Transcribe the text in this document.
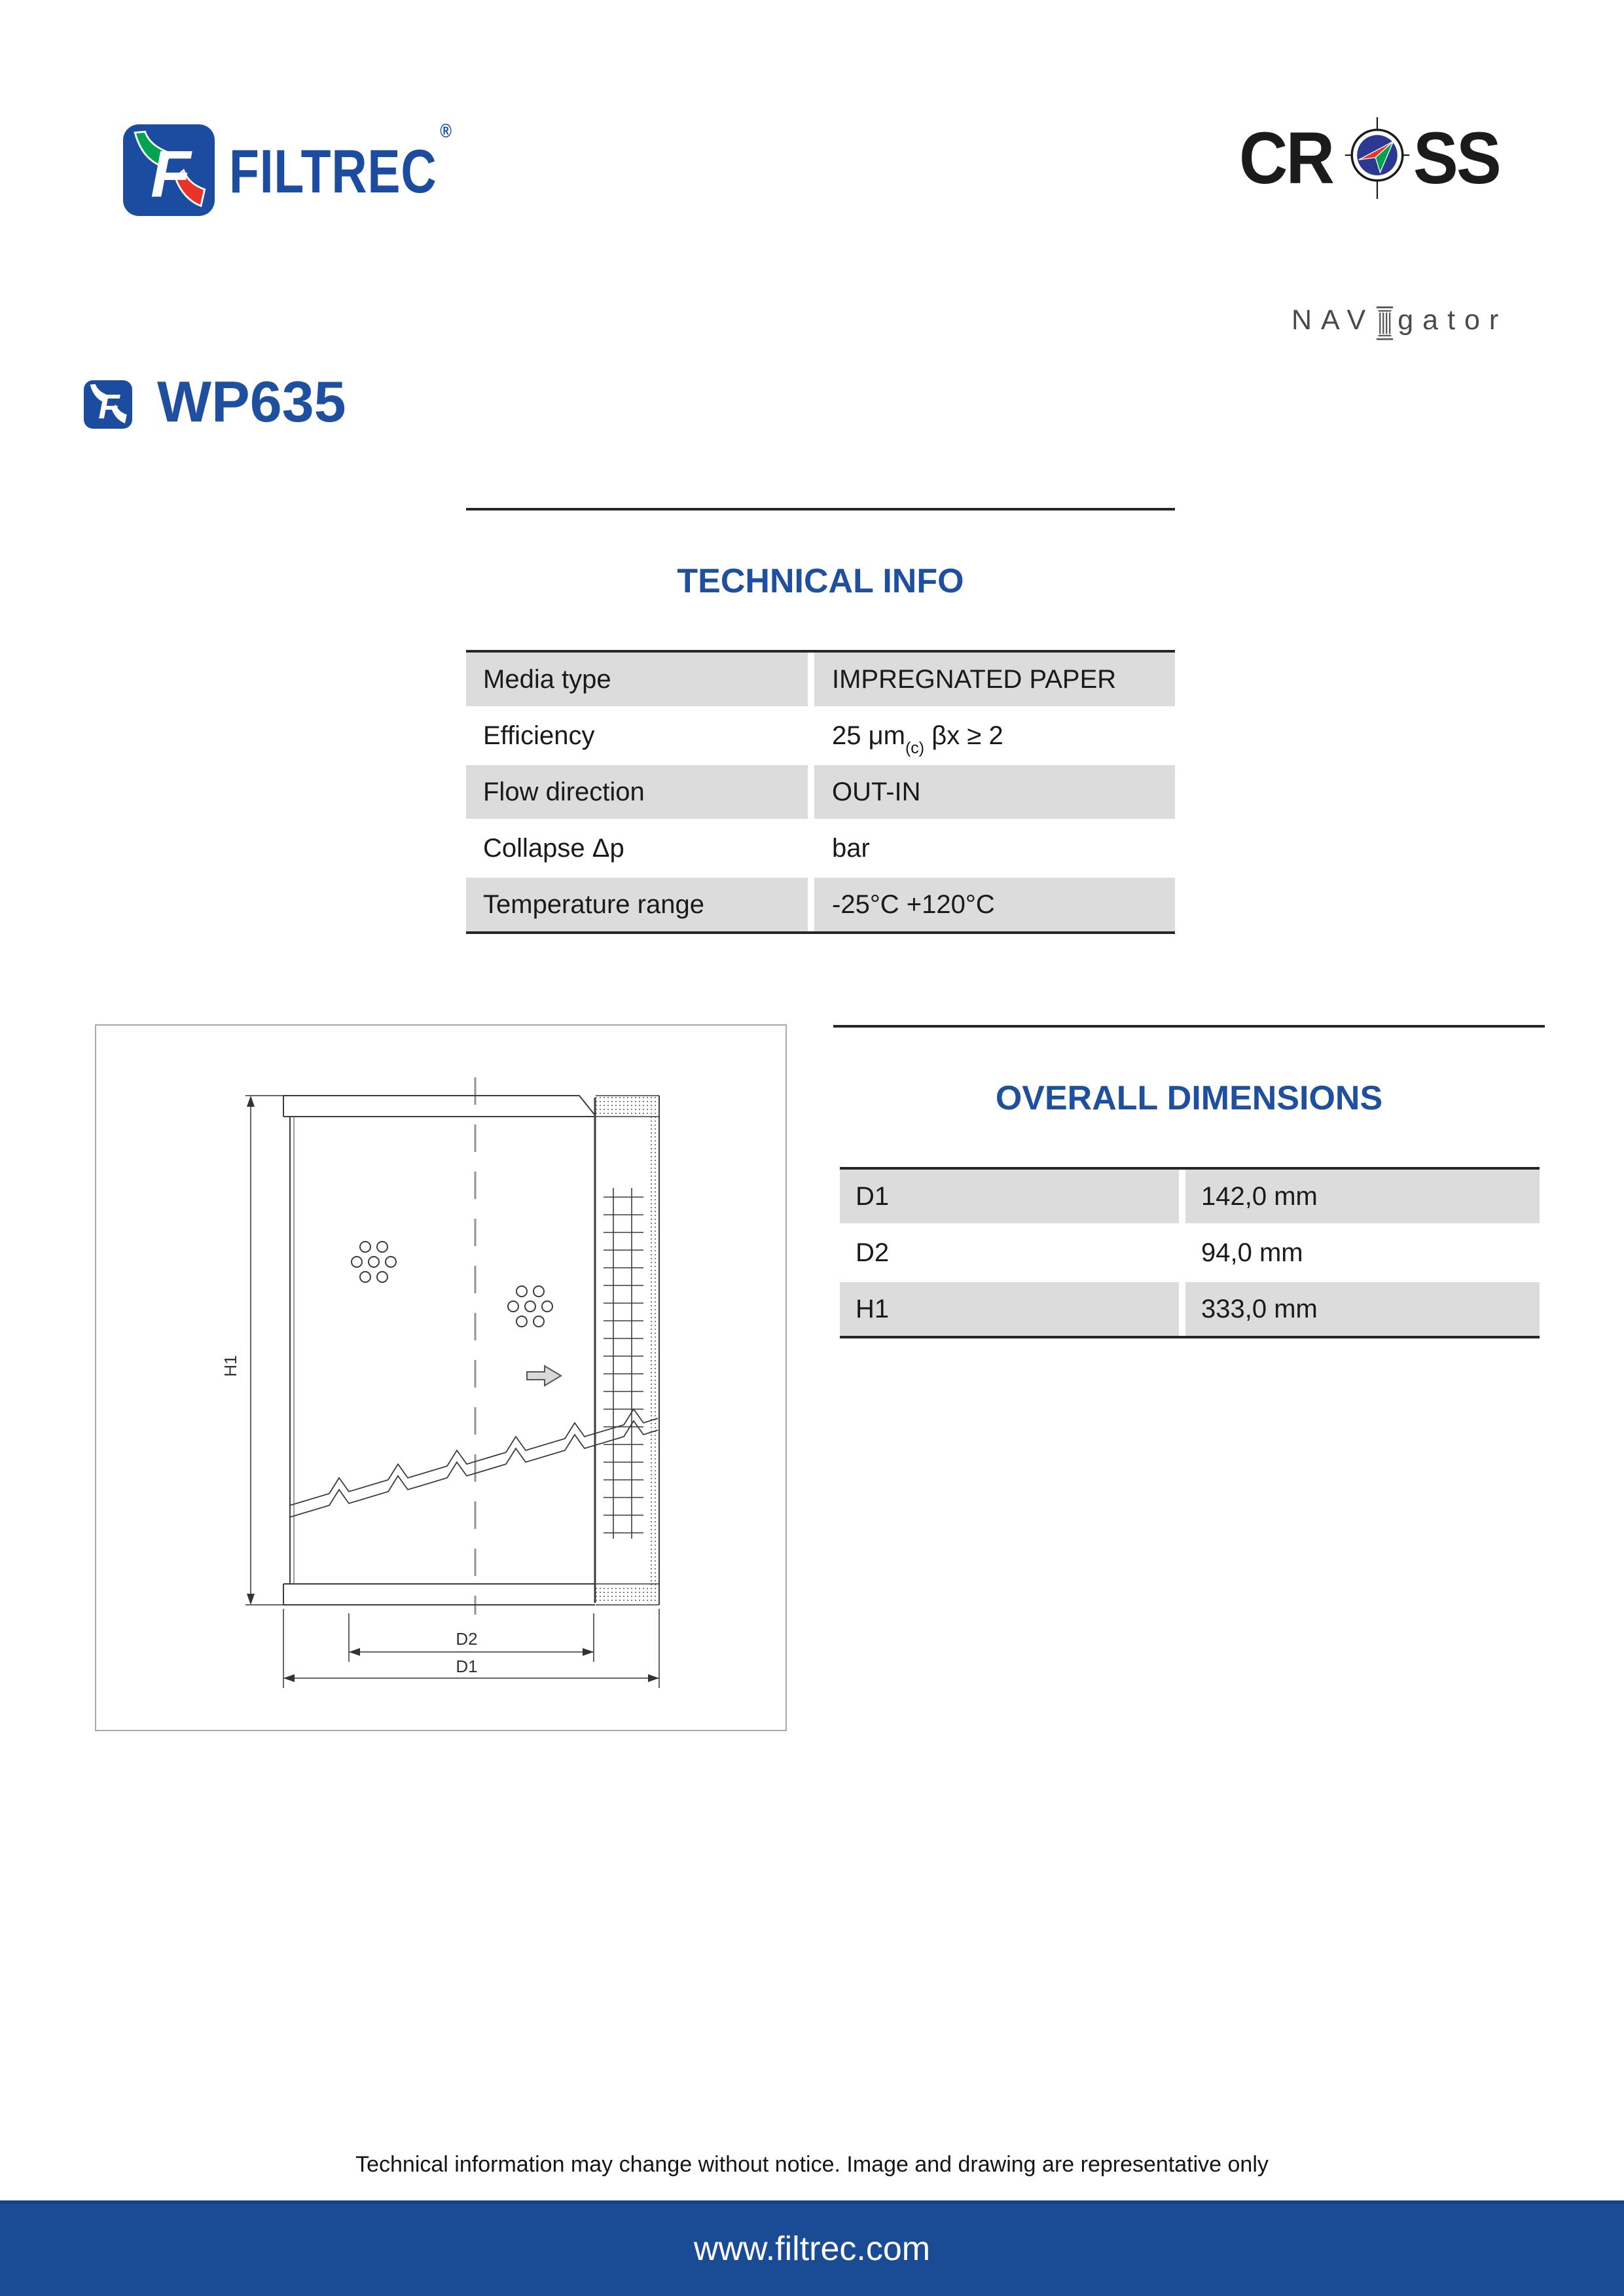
F FILTREC®	CR SS
NAV gator
F WP635
TECHNICAL INFO
Media type	IMPREGNATED PAPER
Efficiency	25 $\mu m_{(c)}$ βx ≥ 2
Flow direction	OUT-IN
Collapse Δp	bar
Temperature range	-25°C +120°C
OVERALL DIMENSIONS
D1	142,0 mm
D2	94,0 mm
H1	333,0 mm
H1
D2
D1
Technical information may change without notice. Image and drawing are representative only
www.filtrec.com
